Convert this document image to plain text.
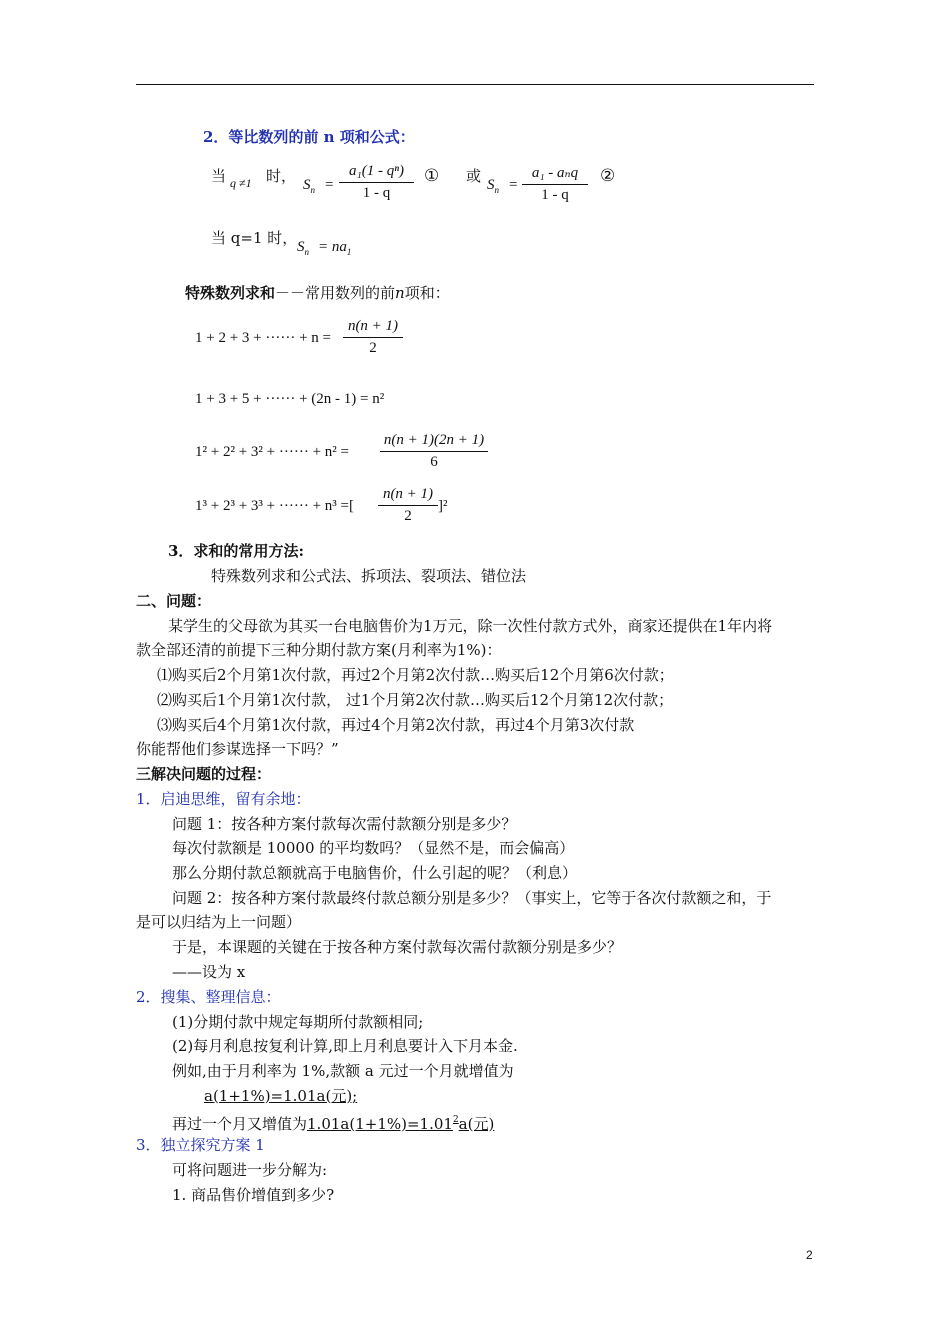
2．等比数列的前 n 项和公式：
当 q ≠1 时， $S_n$ =
a₁(1 - qⁿ)
1 - q
① 或 $S_n$ =
a₁ - aₙq
1 - q
②
当 q=1 时， $S_n = na_1$
特殊数列求和－－常用数列的前n项和：
1 + 2 + 3 + ······ + n =
n(n + 1)
2
1 + 3 + 5 + ······ + (2n - 1) = n²
1² + 2² + 3² + ······ + n² =
n(n + 1)(2n + 1)
6
1³ + 2³ + 3³ + ······ + n³ =[
n(n + 1)
2
]²
3．求和的常用方法:
特殊数列求和公式法、拆项法、裂项法、错位法
二、问题：
某学生的父母欲为其买一台电脑售价为1万元，除一次性付款方式外，商家还提供在1年内将
款全部还清的前提下三种分期付款方案(月利率为1%)：
⑴购买后2个月第1次付款，再过2个月第2次付款…购买后12个月第6次付款；
⑵购买后1个月第1次付款， 过1个月第2次付款…购买后12个月第12次付款；
⑶购买后4个月第1次付款，再过4个月第2次付款，再过4个月第3次付款
你能帮他们参谋选择一下吗？”
三解决问题的过程：
1．启迪思维，留有余地：
问题 1：按各种方案付款每次需付款额分别是多少？
每次付款额是 10000 的平均数吗？（显然不是，而会偏高）
那么分期付款总额就高于电脑售价，什么引起的呢？（利息）
问题 2：按各种方案付款最终付款总额分别是多少？（事实上，它等于各次付款额之和，于
是可以归结为上一问题）
于是，本课题的关键在于按各种方案付款每次需付款额分别是多少？
——设为 x
2．搜集、整理信息：
(1)分期付款中规定每期所付款额相同;
(2)每月利息按复利计算,即上月利息要计入下月本金.
例如,由于月利率为 1%,款额 a 元过一个月就增值为
a(1+1%)=1.01a(元);
再过一个月又增值为$1.01a(1+1\%)=1.01^2a$(元)
3．独立探究方案 1
可将问题进一步分解为:
1. 商品售价增值到多少?
2
